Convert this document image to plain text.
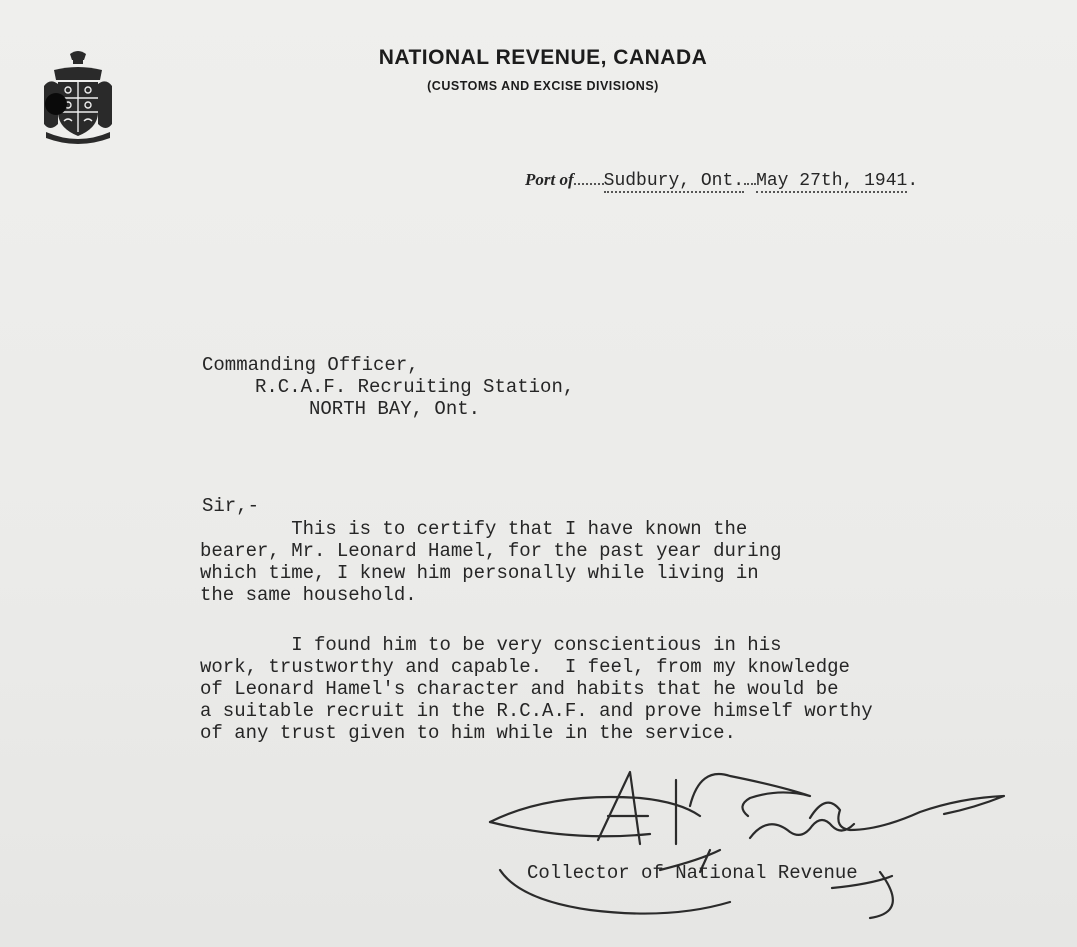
NATIONAL REVENUE, CANADA
(CUSTOMS AND EXCISE DIVISIONS)
Port of Sudbury, Ont. May 27th, 1941.
Commanding Officer,
R.C.A.F. Recruiting Station,
NORTH BAY, Ont.
Sir,-
This is to certify that I have known the
bearer, Mr. Leonard Hamel, for the past year during
which time, I knew him personally while living in
the same household.
I found him to be very conscientious in his
work, trustworthy and capable.  I feel, from my knowledge
of Leonard Hamel's character and habits that he would be
a suitable recruit in the R.C.A.F. and prove himself worthy
of any trust given to him while in the service.
Collector of National Revenue
